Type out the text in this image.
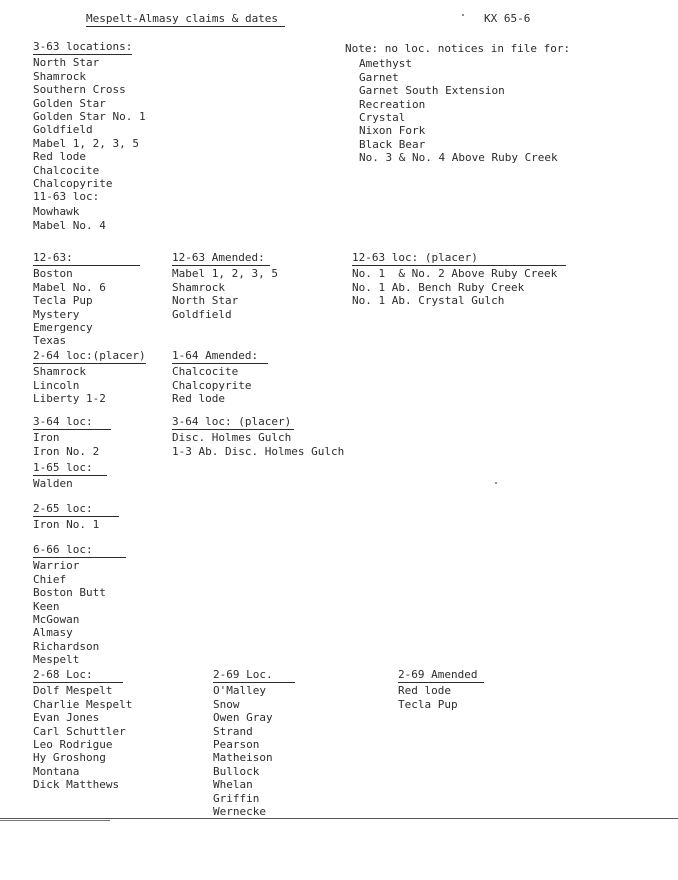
Mespelt-Almasy claims & dates	KX 65-6
3-63 locations:
North Star
Shamrock
Southern Cross
Golden Star
Golden Star No. 1
Goldfield
Mabel 1, 2, 3, 5
Red lode
Chalcocite
Chalcopyrite
Note: no loc. notices in file for:
Amethyst
Garnet
Garnet South Extension
Recreation
Crystal
Nixon Fork
Black Bear
No. 3 & No. 4 Above Ruby Creek
11-63 loc:
Mowhawk
Mabel No. 4
12-63:
Boston
Mabel No. 6
Tecla Pup
Mystery
Emergency
Texas
12-63 Amended:
Mabel 1, 2, 3, 5
Shamrock
North Star
Goldfield
12-63 loc: (placer)
No. 1  & No. 2 Above Ruby Creek
No. 1 Ab. Bench Ruby Creek
No. 1 Ab. Crystal Gulch
2-64 loc:(placer)
Shamrock
Lincoln
Liberty 1-2
1-64 Amended:
Chalcocite
Chalcopyrite
Red lode
3-64 loc:
Iron
Iron No. 2
3-64 loc: (placer)
Disc. Holmes Gulch
1-3 Ab. Disc. Holmes Gulch
1-65 loc:
Walden
2-65 loc:
Iron No. 1
6-66 loc:
Warrior
Chief
Boston Butt
Keen
McGowan
Almasy
Richardson
Mespelt
2-68 Loc:
Dolf Mespelt
Charlie Mespelt
Evan Jones
Carl Schuttler
Leo Rodrigue
Hy Groshong
Montana
Dick Matthews
2-69 Loc.
O'Malley
Snow
Owen Gray
Strand
Pearson
Matheison
Bullock
Whelan
Griffin
Wernecke
2-69 Amended
Red lode
Tecla Pup
